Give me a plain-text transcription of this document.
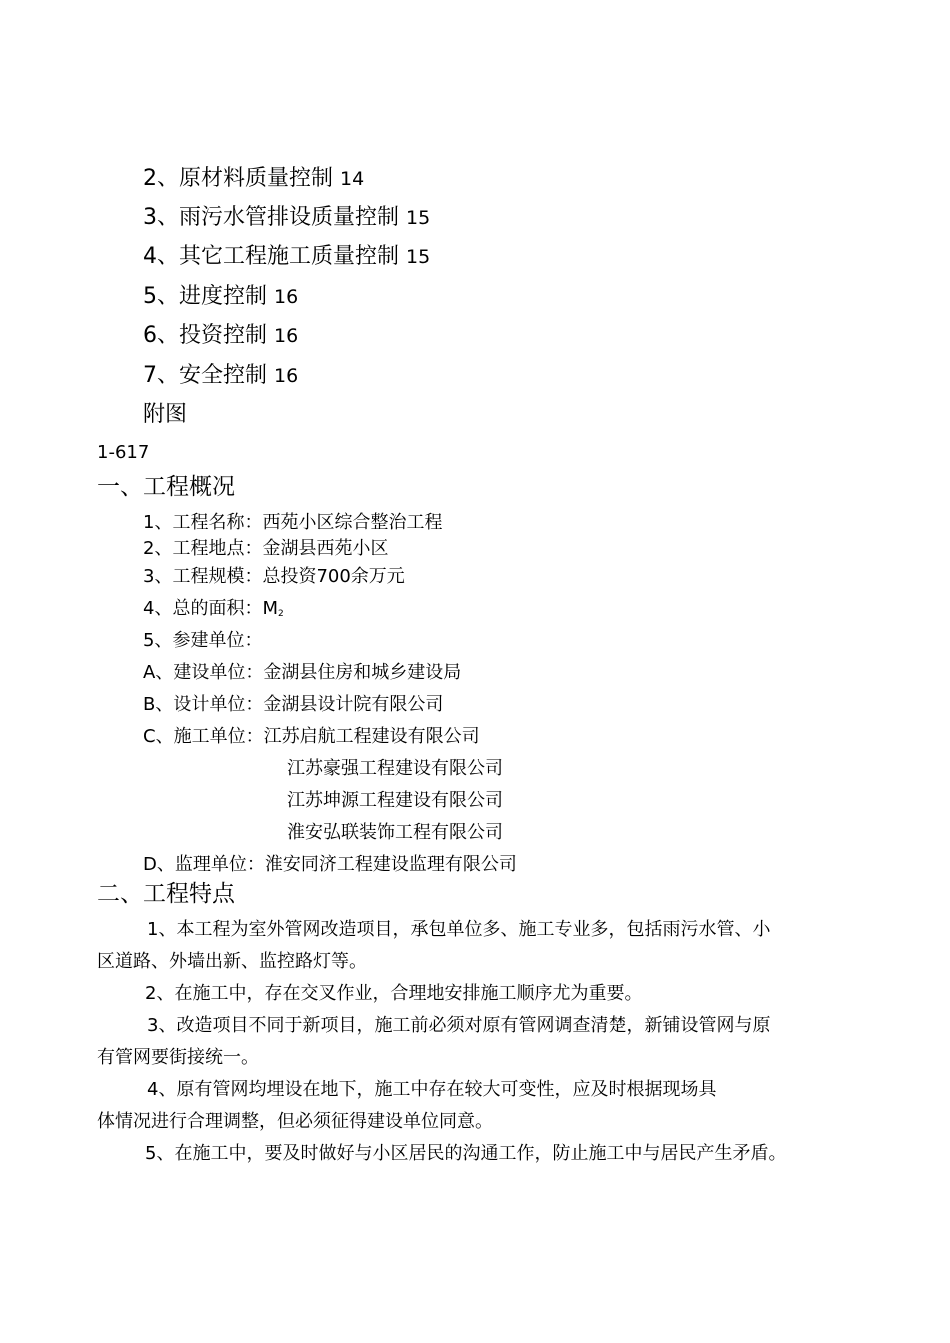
2、原材料质量控制 14
3、雨污水管排设质量控制 15
4、其它工程施工质量控制 15
5、进度控制 16
6、投资控制 16
7、安全控制 16
附图
1-617
一、工程概况
1、工程名称：西苑小区综合整治工程
2、工程地点：金湖县西苑小区
3、工程规模：总投资700余万元
4、总的面积：$M_2$
5、参建单位：
A、建设单位：金湖县住房和城乡建设局
B、设计单位：金湖县设计院有限公司
C、施工单位：江苏启航工程建设有限公司
江苏豪强工程建设有限公司
江苏坤源工程建设有限公司
淮安弘联装饰工程有限公司
D、监理单位：淮安同济工程建设监理有限公司
二、工程特点
1、本工程为室外管网改造项目，承包单位多、施工专业多，包括雨污水管、小
区道路、外墙出新、监控路灯等。
2、在施工中，存在交叉作业，合理地安排施工顺序尤为重要。
3、改造项目不同于新项目，施工前必须对原有管网调查清楚，新铺设管网与原
有管网要街接统一。
4、原有管网均埋设在地下，施工中存在较大可变性，应及时根据现场具
体情况进行合理调整，但必须征得建设单位同意。
5、在施工中，要及时做好与小区居民的沟通工作，防止施工中与居民产生矛盾。
